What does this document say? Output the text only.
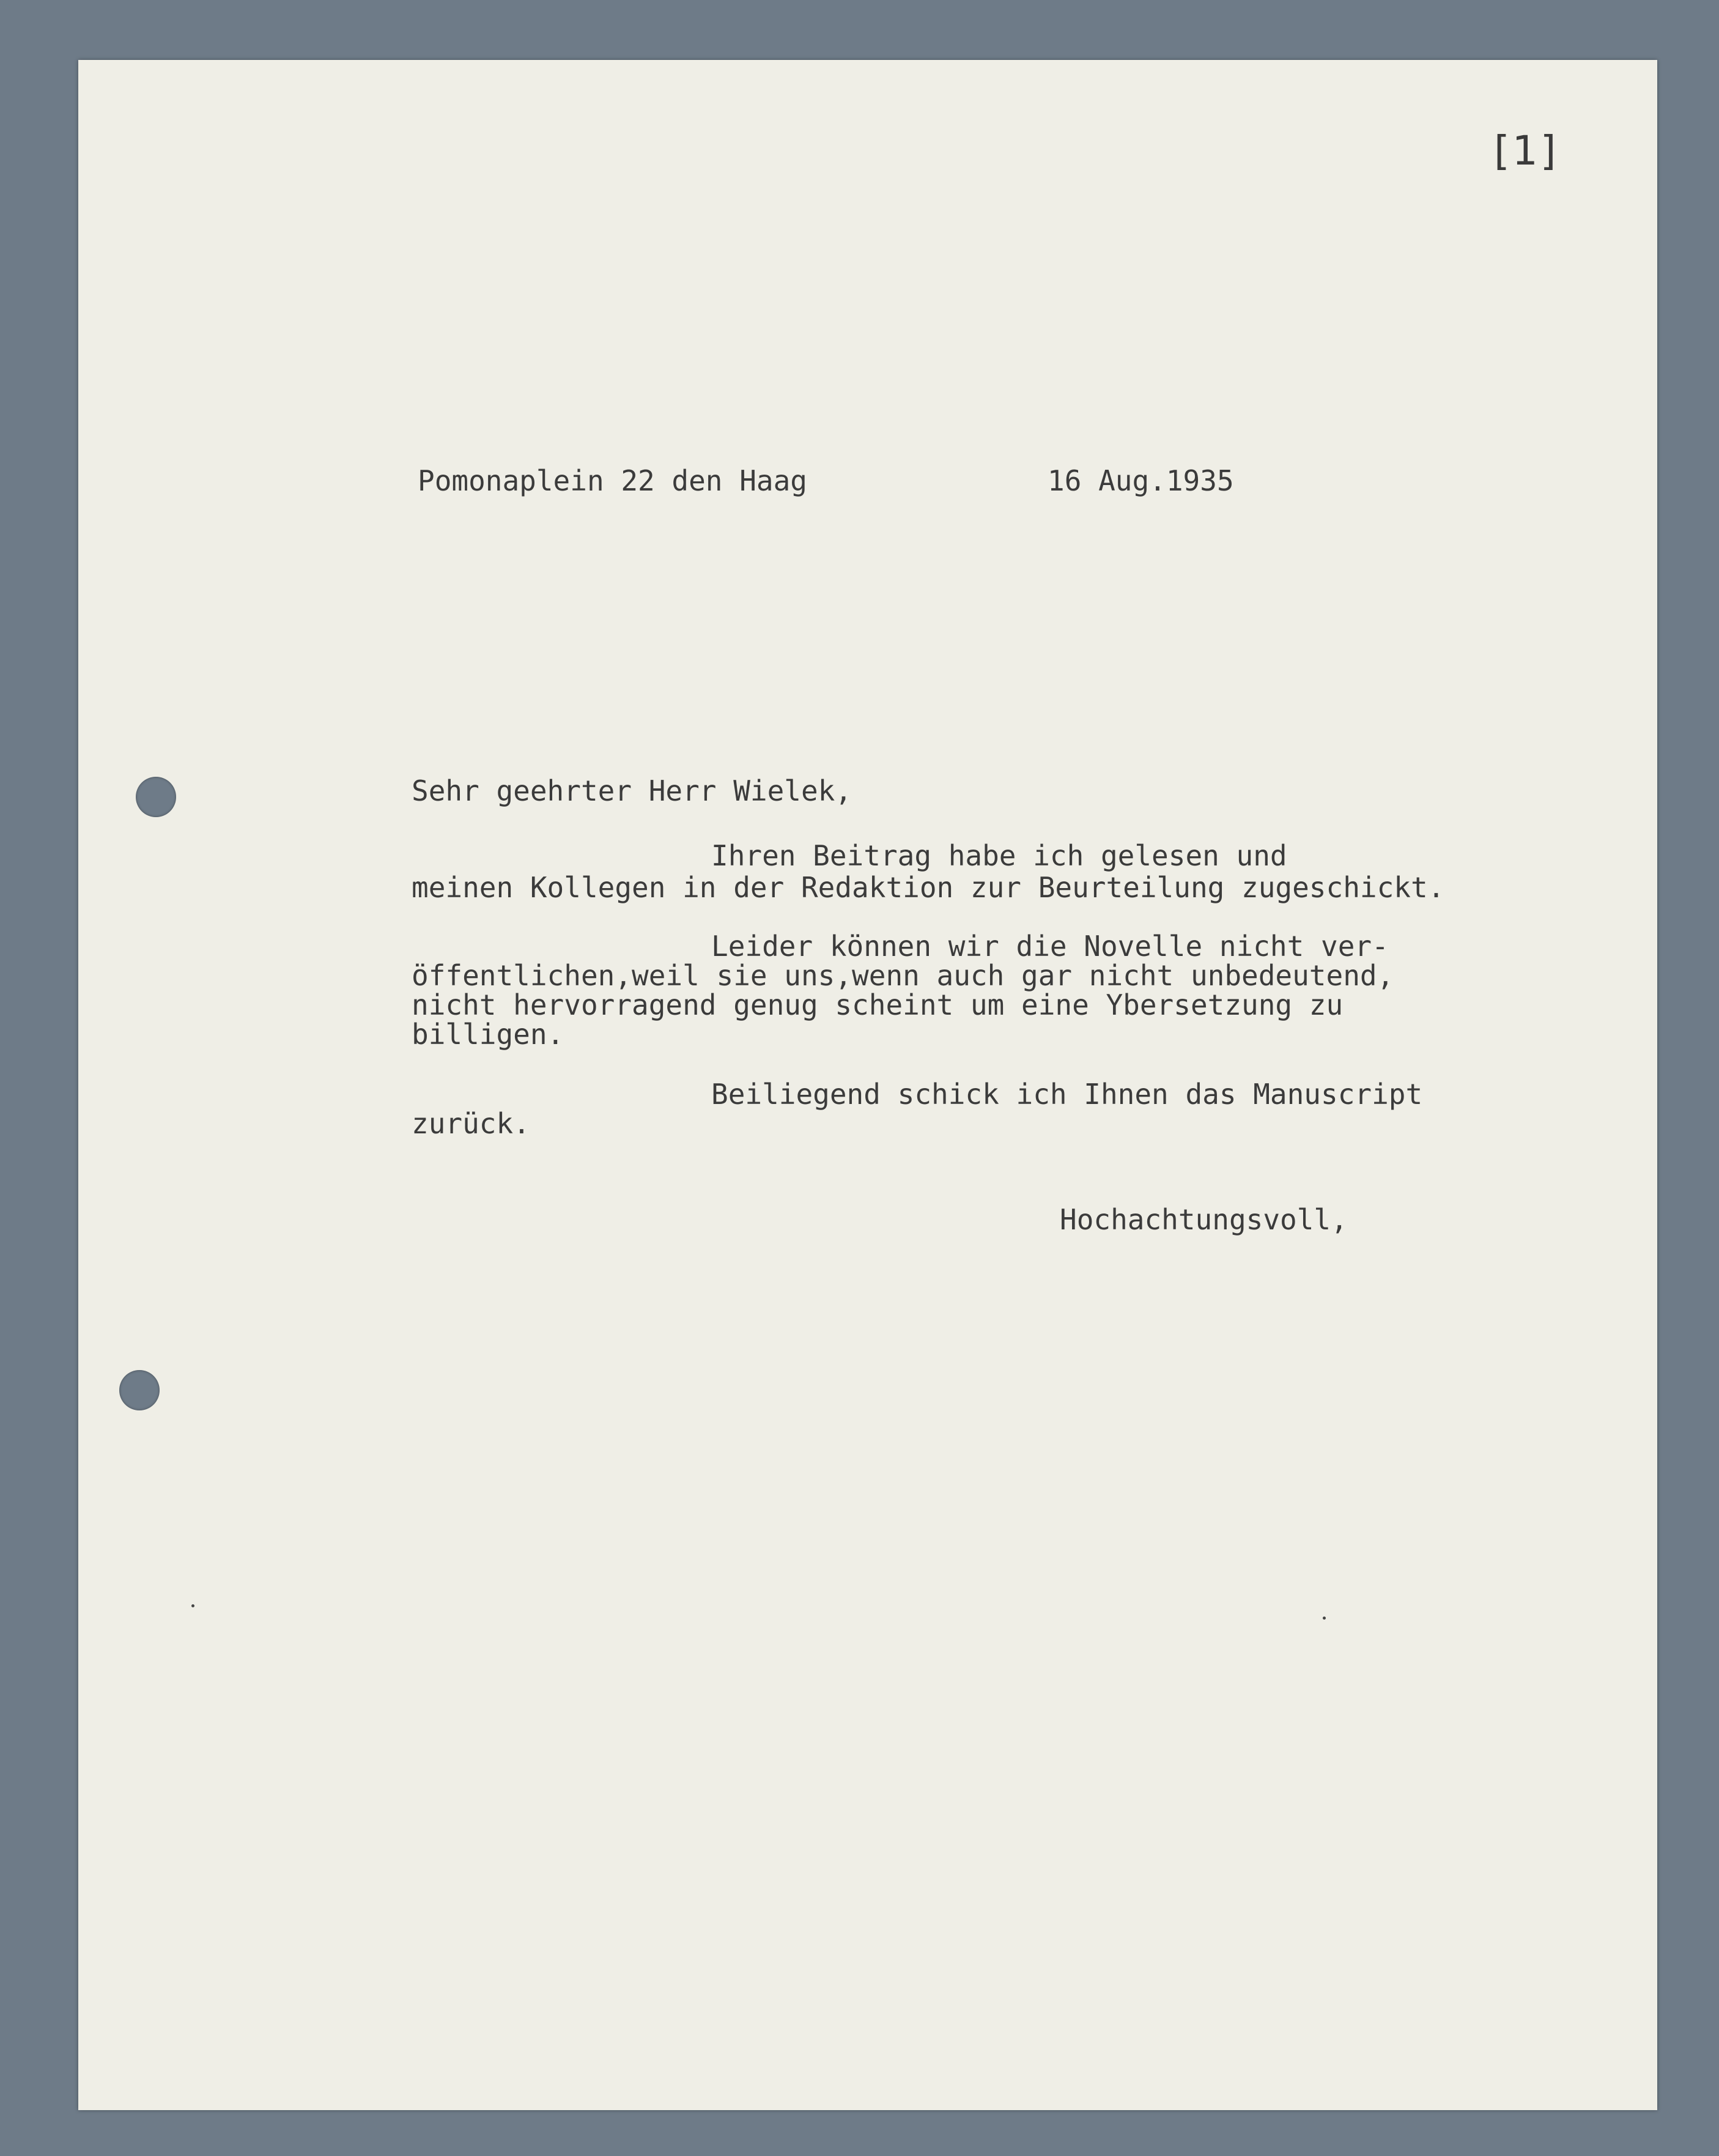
[1]
Pomonaplein 22 den Haag	16 Aug.1935
Sehr geehrter Herr Wielek,
Ihren Beitrag habe ich gelesen und
meinen Kollegen in der Redaktion zur Beurteilung zugeschickt.
Leider können wir die Novelle nicht ver-
öffentlichen,weil sie uns,wenn auch gar nicht unbedeutend,
nicht hervorragend genug scheint um eine Ybersetzung zu
billigen.
Beiliegend schick ich Ihnen das Manuscript
zurück.
Hochachtungsvoll,
